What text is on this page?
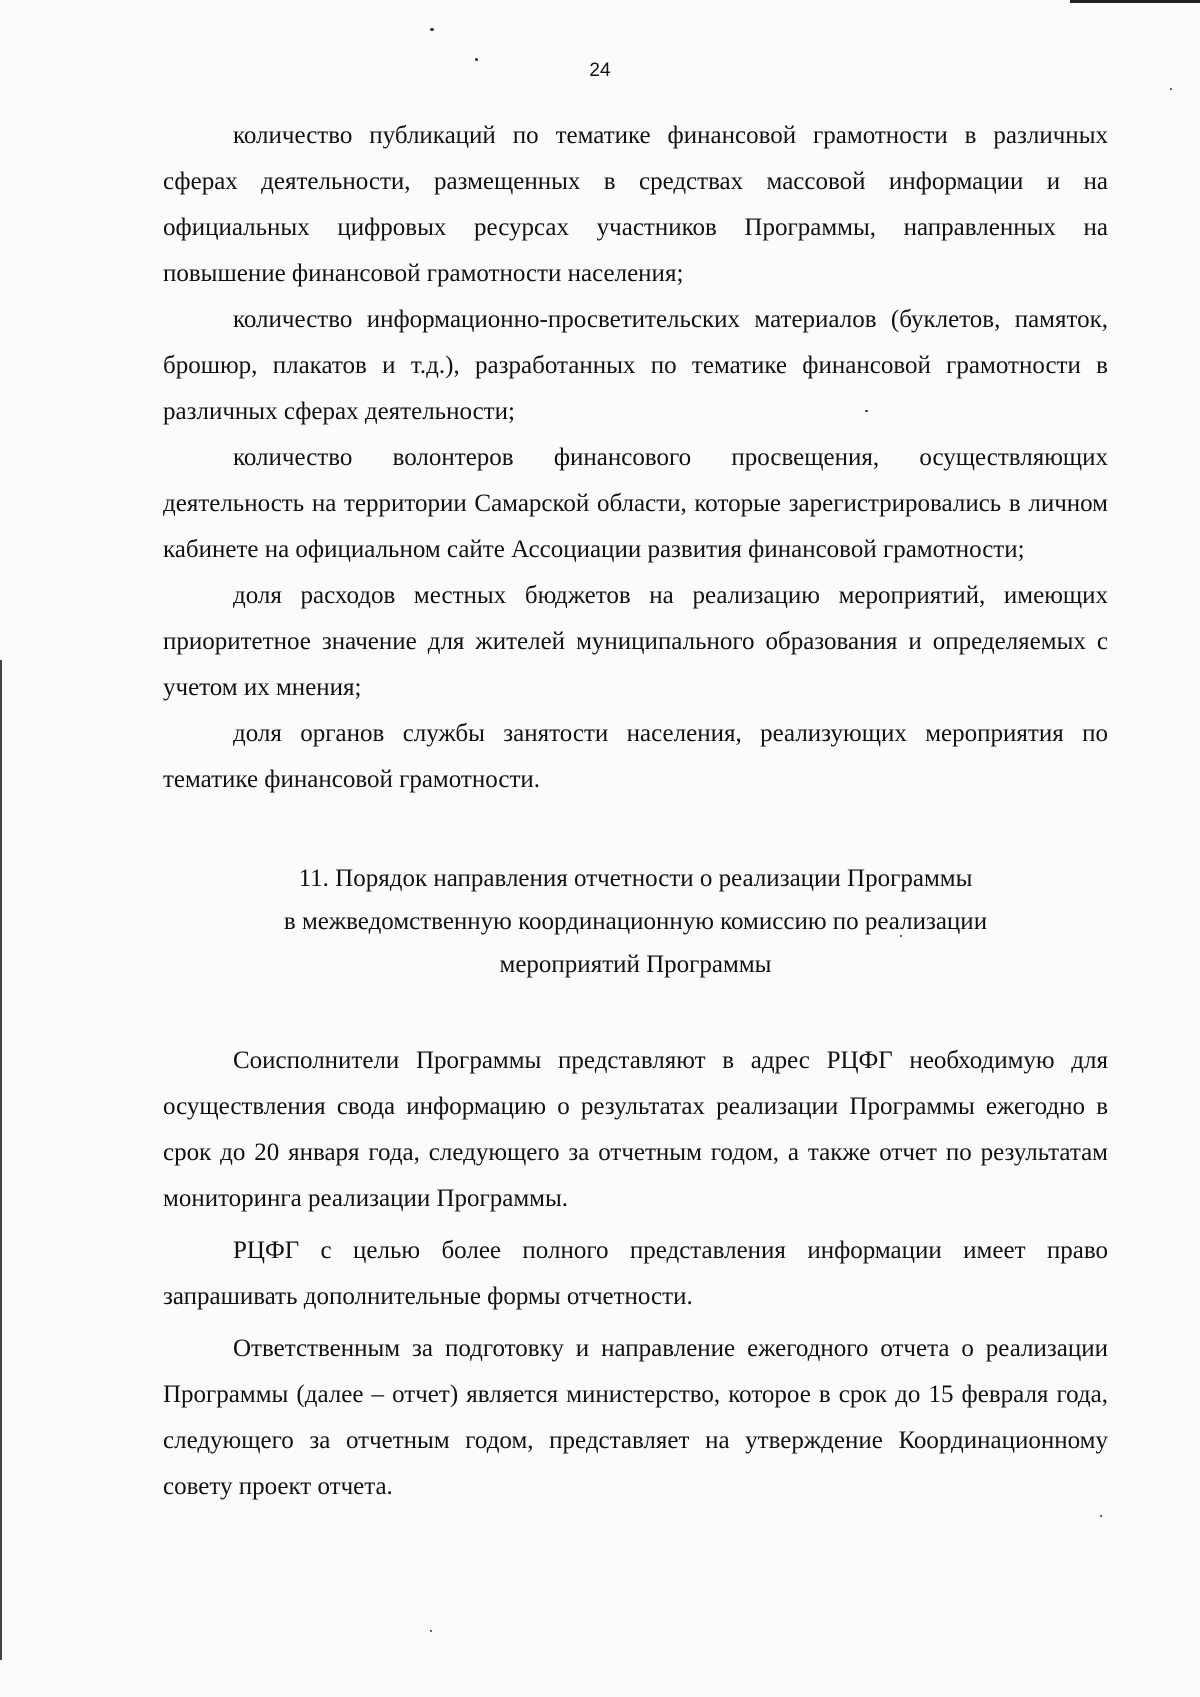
24

количество публикаций по тематике финансовой грамотности в различных сферах деятельности, размещенных в средствах массовой информации и на официальных цифровых ресурсах участников Программы, направленных на повышение финансовой грамотности населения;

количество информационно-просветительских материалов (буклетов, памяток, брошюр, плакатов и т.д.), разработанных по тематике финансовой грамотности в различных сферах деятельности;

количество волонтеров финансового просвещения, осуществляющих деятельность на территории Самарской области, которые зарегистрировались в личном кабинете на официальном сайте Ассоциации развития финансовой грамотности;

доля расходов местных бюджетов на реализацию мероприятий, имеющих приоритетное значение для жителей муниципального образования и определяемых с учетом их мнения;

доля органов службы занятости населения, реализующих мероприятия по тематике финансовой грамотности.

11. Порядок направления отчетности о реализации Программы
в межведомственную координационную комиссию по реализации
мероприятий Программы

Соисполнители Программы представляют в адрес РЦФГ необходимую для осуществления свода информацию о результатах реализации Программы ежегодно в срок до 20 января года, следующего за отчетным годом, а также отчет по результатам мониторинга реализации Программы.

РЦФГ с целью более полного представления информации имеет право запрашивать дополнительные формы отчетности.

Ответственным за подготовку и направление ежегодного отчета о реализации Программы (далее – отчет) является министерство, которое в срок до 15 февраля года, следующего за отчетным годом, представляет на утверждение Координационному совету проект отчета.
